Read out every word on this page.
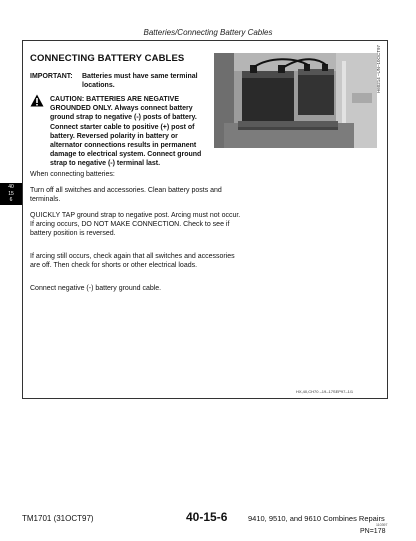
Batteries/Connecting Battery Cables
CONNECTING BATTERY CABLES
IMPORTANT: Batteries must have same terminal
locations.
CAUTION: BATTERIES ARE NEGATIVE GROUNDED ONLY. Always connect battery ground strap to negative (-) posts of battery. Connect starter cable to positive (+) post of battery. Reversed polarity in battery or alternator connections results in permanent damage to electrical system. Connect ground strap to negative (-) terminal last.
H60214 –UN–10OCT97
40
15
6
When connecting batteries:
Turn off all switches and accessories. Clean battery posts and terminals.
QUICKLY TAP ground strap to negative post. Arcing must not occur. If arcing occurs, DO NOT MAKE CONNECTION. Check to see if battery position is reversed.
If arcing still occurs, check again that all switches and accessories are off. Then check for shorts or other electrical loads.
Connect negative (-) battery ground cable.
HX,40,CH70 –19–17SEP97–1/1
TM1701 (31OCT97)	40-15-6	9410, 9510, and 9610 Combines Repairs
110397
PN=178
